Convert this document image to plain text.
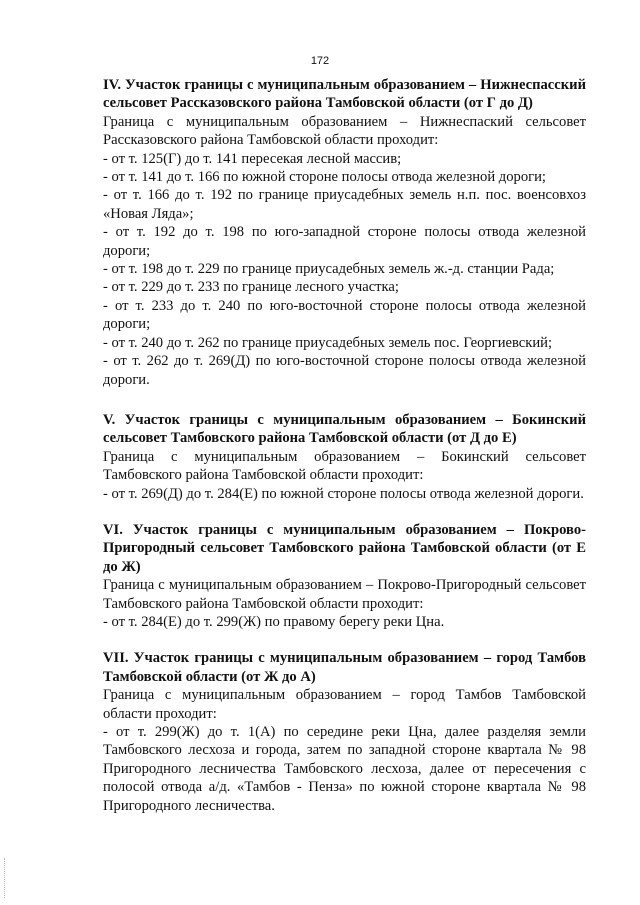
172

IV. Участок границы с муниципальным образованием – Нижнеспасский сельсовет Рассказовского района Тамбовской области (от Г до Д)

Граница с муниципальным образованием – Нижнеспаский сельсовет Рассказовского района Тамбовской области проходит:

- от т. 125(Г) до т. 141 пересекая лесной массив;

- от т. 141 до т. 166 по южной стороне полосы отвода железной дороги;

- от т. 166 до т. 192 по границе приусадебных земель н.п. пос. военсовхоз «Новая Ляда»;

- от т. 192 до т. 198 по юго-западной стороне полосы отвода железной дороги;

- от т. 198 до т. 229 по границе приусадебных земель ж.-д. станции Рада;

- от т. 229 до т. 233 по границе лесного участка;

- от т. 233 до т. 240 по юго-восточной стороне полосы отвода железной дороги;

- от т. 240 до т. 262 по границе приусадебных земель пос. Георгиевский;

- от т. 262 до т. 269(Д) по юго-восточной стороне полосы отвода железной дороги.

V. Участок границы с муниципальным образованием – Бокинский сельсовет Тамбовского района Тамбовской области (от Д до Е)

Граница с муниципальным образованием – Бокинский сельсовет Тамбовского района Тамбовской области проходит:

- от т. 269(Д) до т. 284(Е) по южной стороне полосы отвода железной дороги.

VI. Участок границы с муниципальным образованием – Покрово-Пригородный сельсовет Тамбовского района Тамбовской области (от Е до Ж)

Граница с муниципальным образованием – Покрово-Пригородный сельсовет Тамбовского района Тамбовской области проходит:

- от т. 284(Е) до т. 299(Ж) по правому берегу реки Цна.

VII. Участок границы с муниципальным образованием – город Тамбов Тамбовской области (от Ж до А)

Граница с муниципальным образованием – город Тамбов Тамбовской области проходит:

- от т. 299(Ж) до т. 1(А) по середине реки Цна, далее разделяя земли Тамбовского лесхоза и города, затем по западной стороне квартала № 98 Пригородного лесничества Тамбовского лесхоза, далее от пересечения с полосой отвода а/д. «Тамбов - Пенза» по южной стороне квартала № 98 Пригородного лесничества.
